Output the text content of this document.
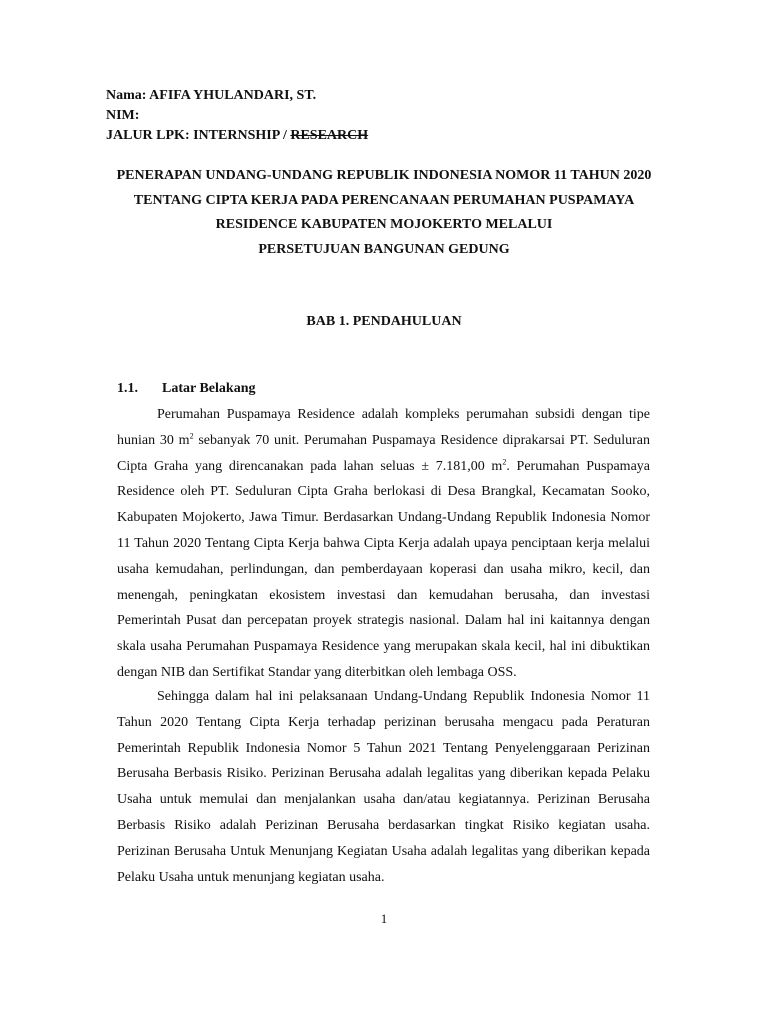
Nama: AFIFA YHULANDARI, ST.
NIM:
JALUR LPK: INTERNSHIP / RESEARCH
PENERAPAN UNDANG-UNDANG REPUBLIK INDONESIA NOMOR 11 TAHUN 2020
TENTANG CIPTA KERJA PADA PERENCANAAN PERUMAHAN PUSPAMAYA
RESIDENCE KABUPATEN MOJOKERTO MELALUI
PERSETUJUAN BANGUNAN GEDUNG
BAB 1. PENDAHULUAN
1.1. Latar Belakang

Perumahan Puspamaya Residence adalah kompleks perumahan subsidi dengan tipe hunian 30 $m^2$ sebanyak 70 unit. Perumahan Puspamaya Residence diprakarsai PT. Seduluran Cipta Graha yang direncanakan pada lahan seluas ± 7.181,00 $m^2$. Perumahan Puspamaya Residence oleh PT. Seduluran Cipta Graha berlokasi di Desa Brangkal, Kecamatan Sooko, Kabupaten Mojokerto, Jawa Timur. Berdasarkan Undang-Undang Republik Indonesia Nomor 11 Tahun 2020 Tentang Cipta Kerja bahwa Cipta Kerja adalah upaya penciptaan kerja melalui usaha kemudahan, perlindungan, dan pemberdayaan koperasi dan usaha mikro, kecil, dan menengah, peningkatan ekosistem investasi dan kemudahan berusaha, dan investasi Pemerintah Pusat dan percepatan proyek strategis nasional. Dalam hal ini kaitannya dengan skala usaha Perumahan Puspamaya Residence yang merupakan skala kecil, hal ini dibuktikan dengan NIB dan Sertifikat Standar yang diterbitkan oleh lembaga OSS.

Sehingga dalam hal ini pelaksanaan Undang-Undang Republik Indonesia Nomor 11 Tahun 2020 Tentang Cipta Kerja terhadap perizinan berusaha mengacu pada Peraturan Pemerintah Republik Indonesia Nomor 5 Tahun 2021 Tentang Penyelenggaraan Perizinan Berusaha Berbasis Risiko. Perizinan Berusaha adalah legalitas yang diberikan kepada Pelaku Usaha untuk memulai dan menjalankan usaha dan/atau kegiatannya. Perizinan Berusaha Berbasis Risiko adalah Perizinan Berusaha berdasarkan tingkat Risiko kegiatan usaha. Perizinan Berusaha Untuk Menunjang Kegiatan Usaha adalah legalitas yang diberikan kepada Pelaku Usaha untuk menunjang kegiatan usaha.

1
